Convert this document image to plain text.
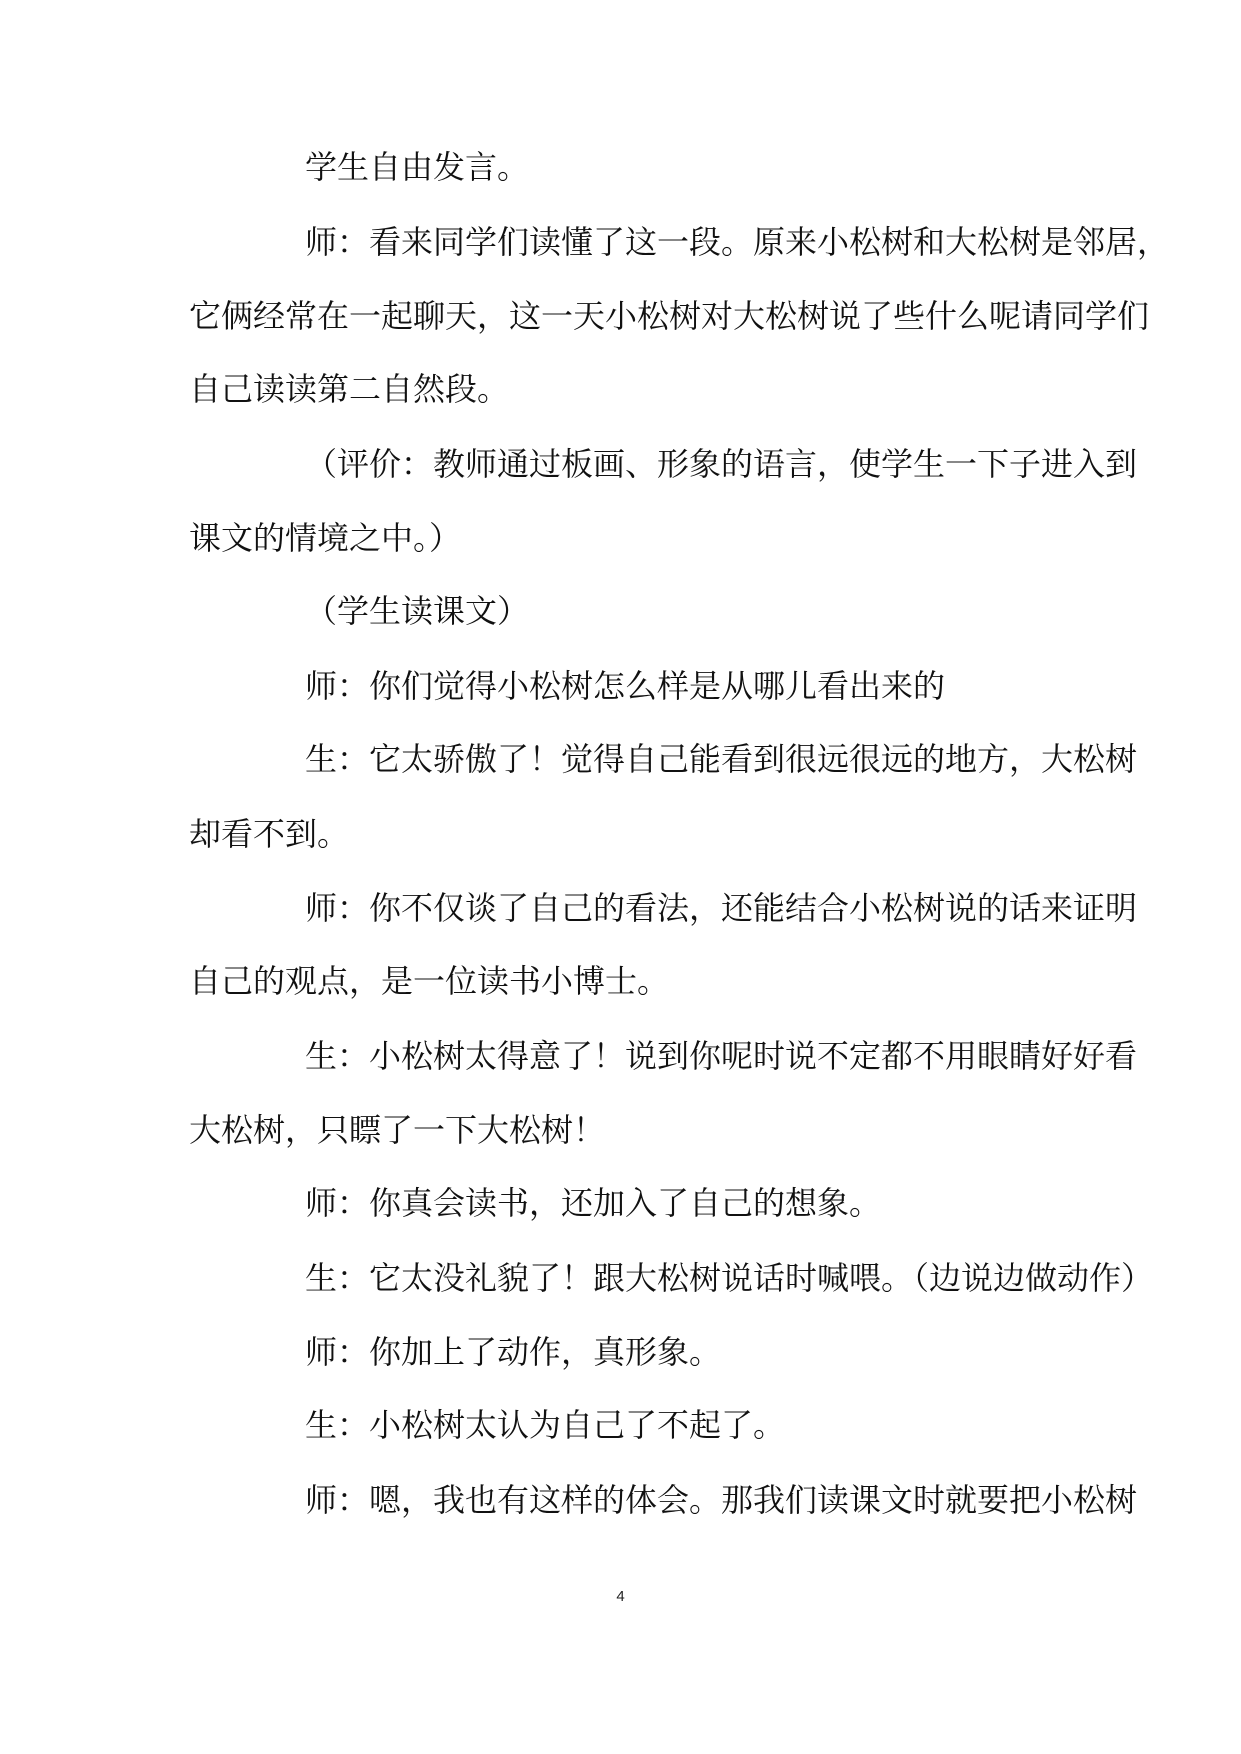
学生自由发言。
师：看来同学们读懂了这一段。原来小松树和大松树是邻居，
它俩经常在一起聊天，这一天小松树对大松树说了些什么呢请同学们
自己读读第二自然段。
（评价：教师通过板画、形象的语言，使学生一下子进入到
课文的情境之中。）
（学生读课文）
师：你们觉得小松树怎么样是从哪儿看出来的
生：它太骄傲了！觉得自己能看到很远很远的地方，大松树
却看不到。
师：你不仅谈了自己的看法，还能结合小松树说的话来证明
自己的观点，是一位读书小博士。
生：小松树太得意了！说到你呢时说不定都不用眼睛好好看
大松树，只瞟了一下大松树！
师：你真会读书，还加入了自己的想象。
生：它太没礼貌了！跟大松树说话时喊喂。（边说边做动作）
师：你加上了动作，真形象。
生：小松树太认为自己了不起了。
师：嗯，我也有这样的体会。那我们读课文时就要把小松树
4
